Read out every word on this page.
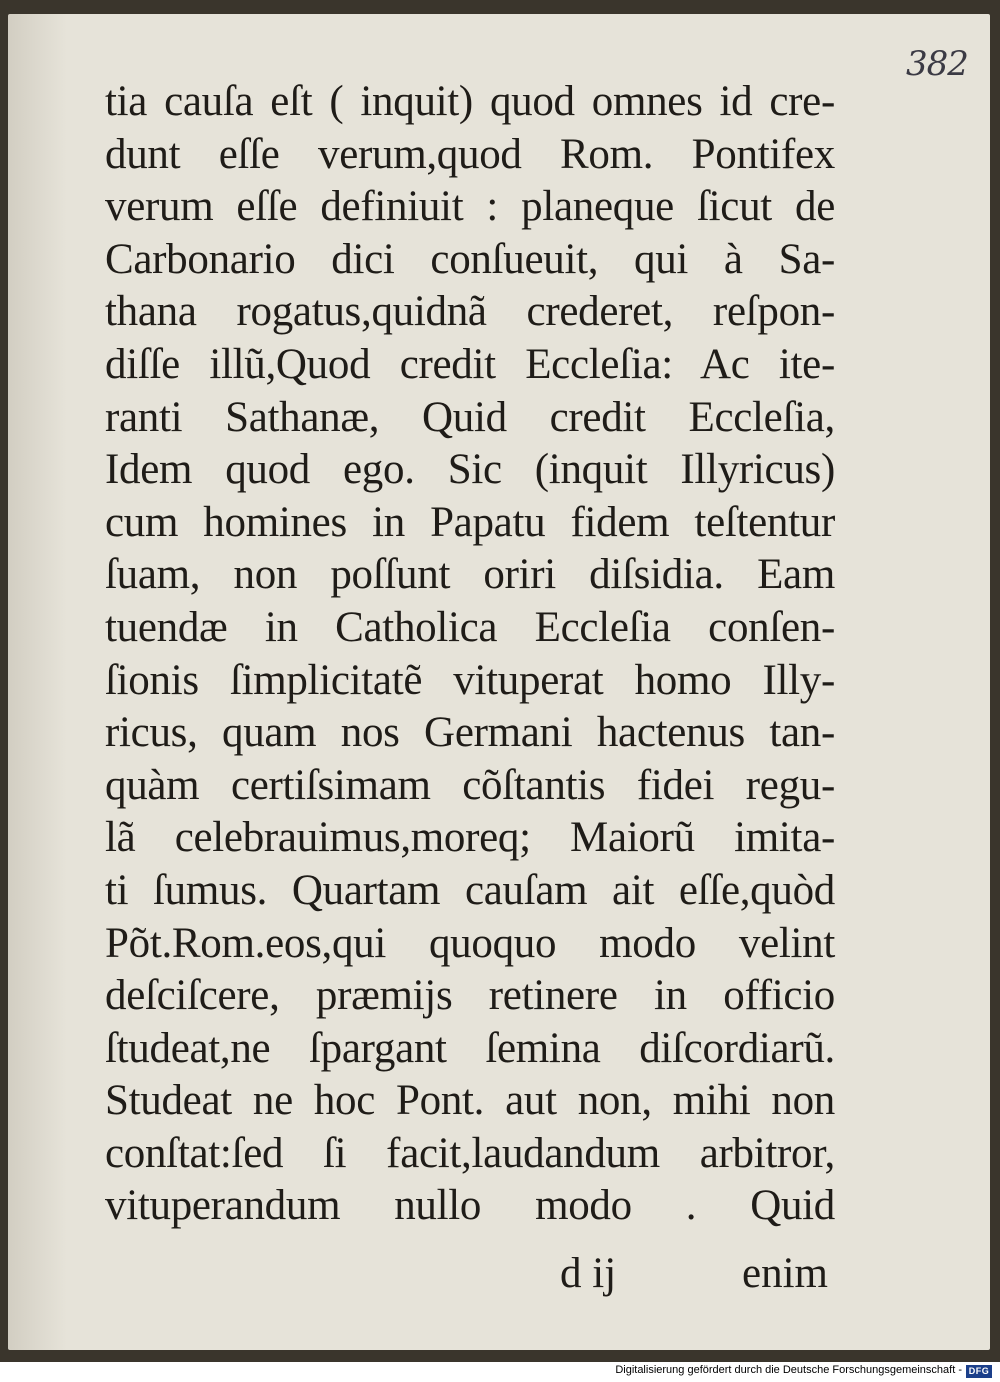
382
tia cauſa eſt ( inquit) quod omnes id cre-
dunt eſſe verum,quod Rom. Pontifex
verum eſſe definiuit : planeque ſicut de
Carbonario dici conſueuit, qui à Sa-
thana rogatus,quidnã crederet, reſpon-
diſſe illũ,Quod credit Eccleſia: Ac ite-
ranti Sathanæ, Quid credit Eccleſia,
Idem quod ego. Sic (inquit Illyricus)
cum homines in Papatu fidem teſtentur
ſuam, non poſſunt oriri diſsidia. Eam
tuendæ in Catholica Eccleſia conſen-
ſionis ſimplicitatẽ vituperat homo Illy-
ricus, quam nos Germani hactenus tan-
quàm certiſsimam cõſtantis fidei regu-
lã celebrauimus,moreq; Maiorũ imita-
ti ſumus. Quartam cauſam ait eſſe,quòd
Põt.Rom.eos,qui quoquo modo velint
deſciſcere, præmijs retinere in officio
ſtudeat,ne ſpargant ſemina diſcordiarũ.
Studeat ne hoc Pont. aut non, mihi non
conſtat:ſed ſi facit,laudandum arbitror,
vituperandum nullo modo . Quid
d ij	enim
Digitalisierung gefördert durch die Deutsche Forschungsgemeinschaft - DFG
